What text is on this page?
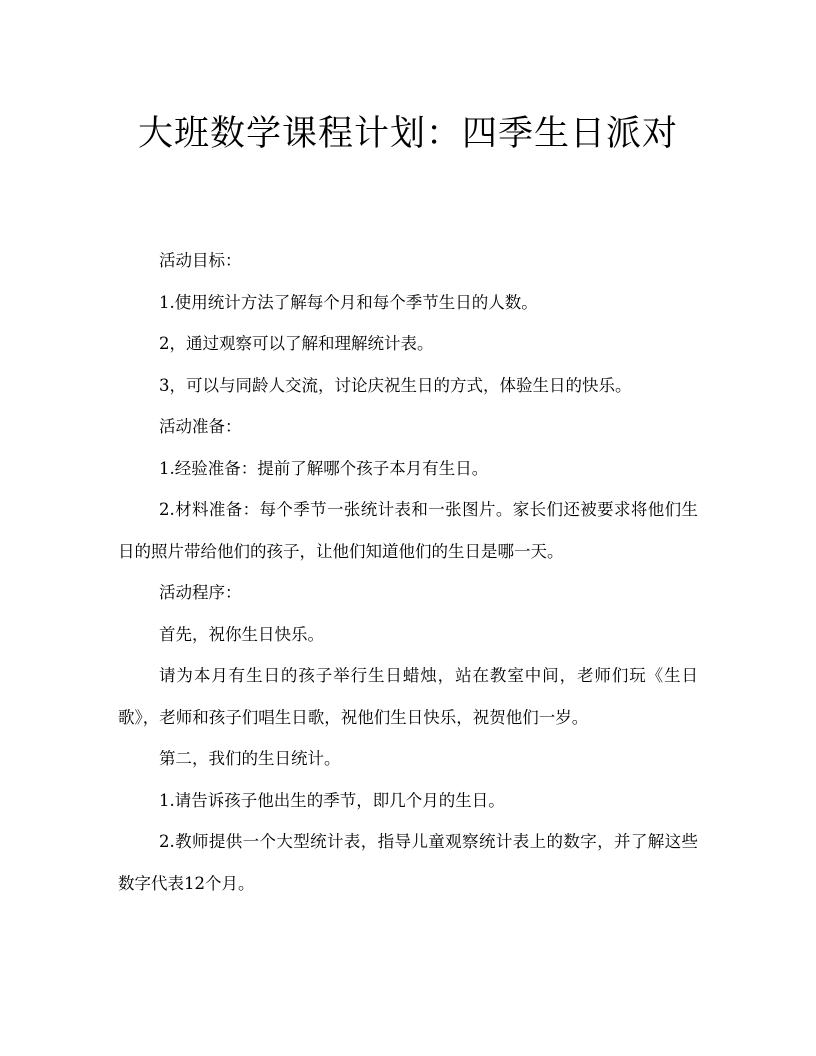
大班数学课程计划：四季生日派对

活动目标：

1.使用统计方法了解每个月和每个季节生日的人数。

2，通过观察可以了解和理解统计表。

3，可以与同龄人交流，讨论庆祝生日的方式，体验生日的快乐。

活动准备：

1.经验准备：提前了解哪个孩子本月有生日。

2.材料准备：每个季节一张统计表和一张图片。家长们还被要求将他们生日的照片带给他们的孩子，让他们知道他们的生日是哪一天。

活动程序：

首先，祝你生日快乐。

请为本月有生日的孩子举行生日蜡烛，站在教室中间，老师们玩《生日歌》，老师和孩子们唱生日歌，祝他们生日快乐，祝贺他们一岁。

第二，我们的生日统计。

1.请告诉孩子他出生的季节，即几个月的生日。

2.教师提供一个大型统计表，指导儿童观察统计表上的数字，并了解这些数字代表12个月。
